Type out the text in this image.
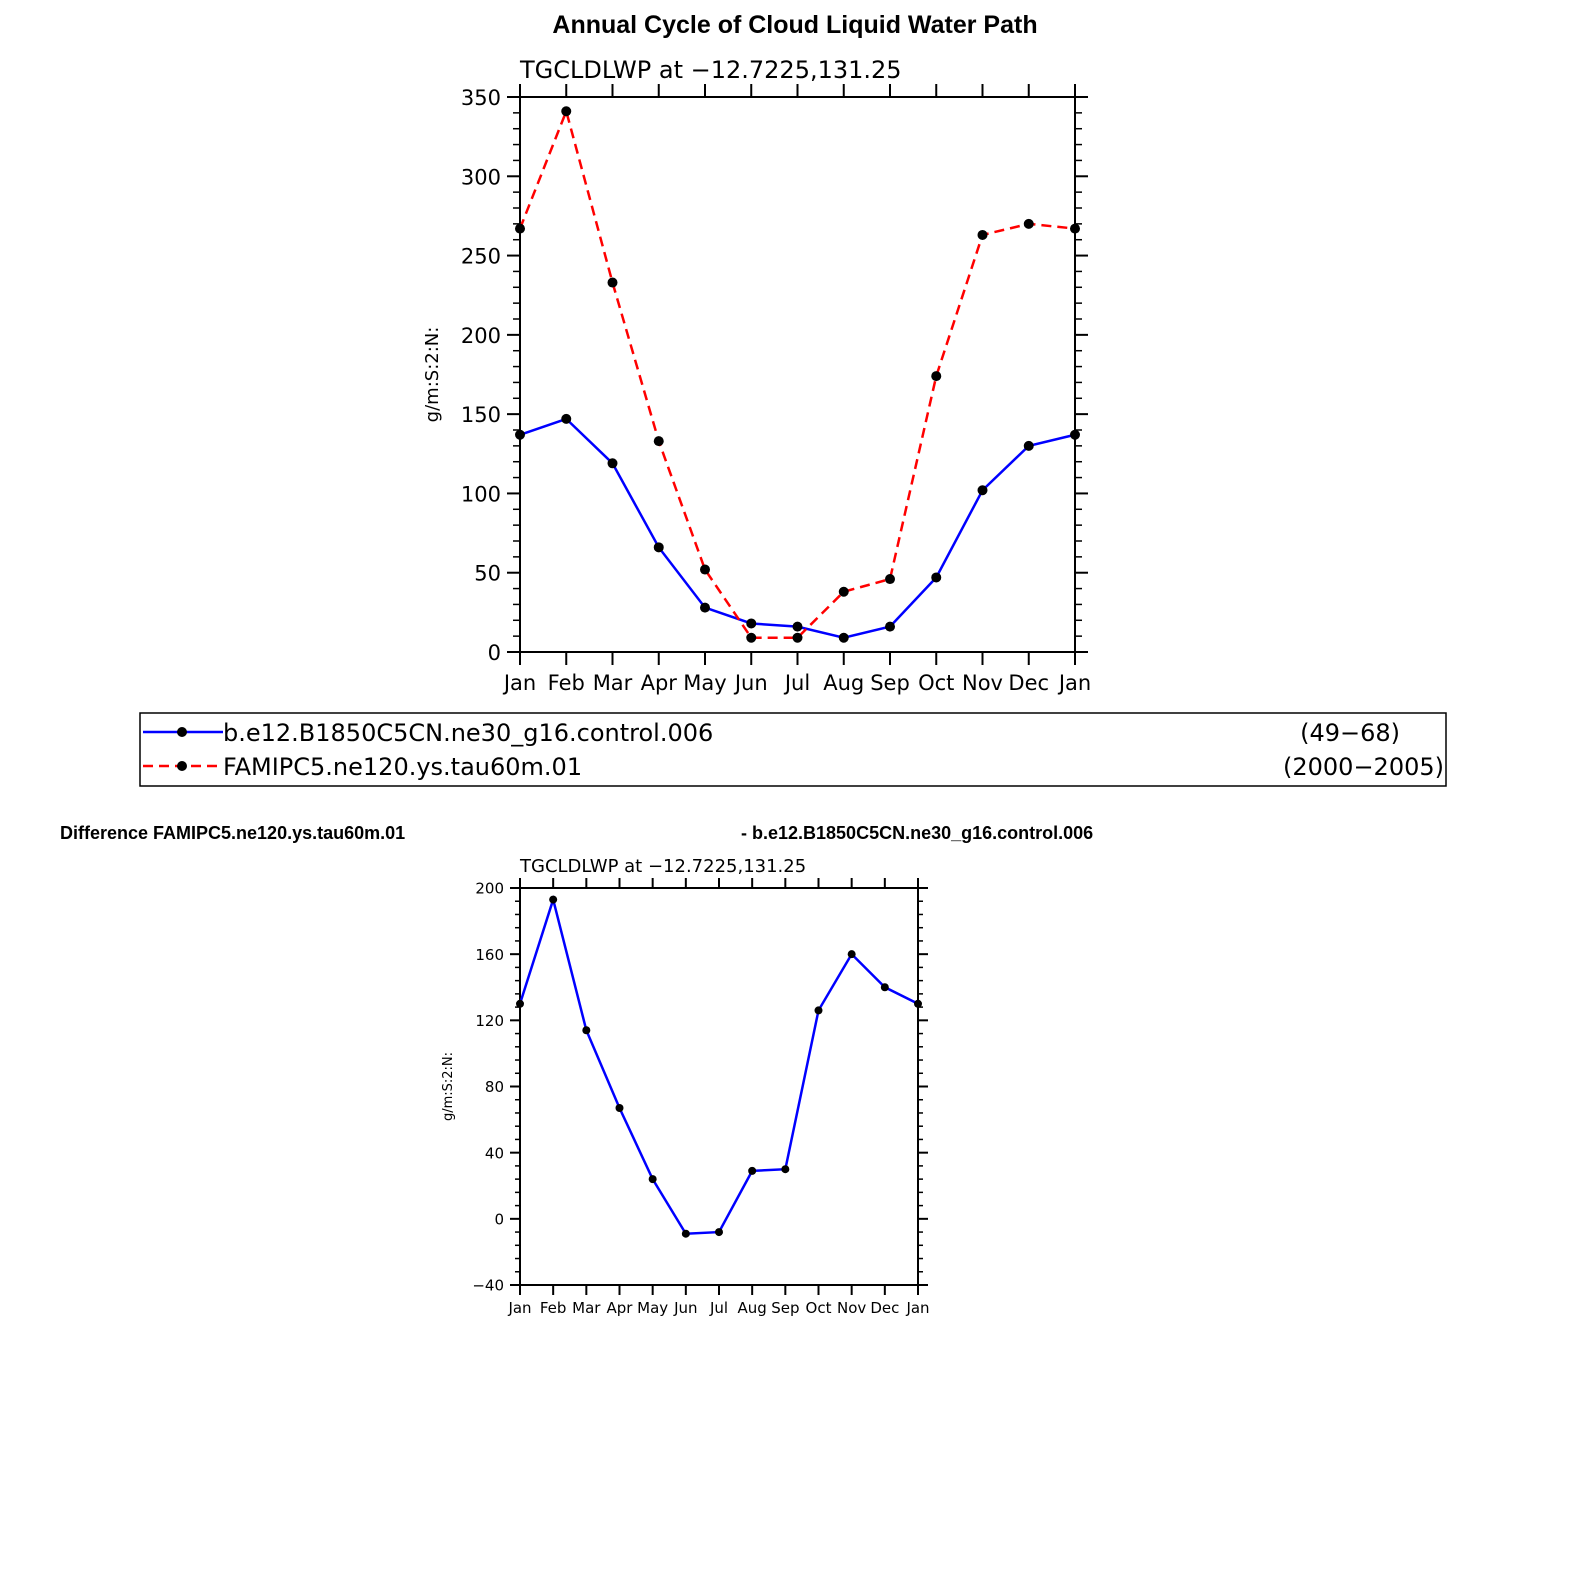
Annual Cycle of Cloud Liquid Water Path
Jan Feb Mar Apr May Jun Jul Aug Sep Oct Nov Dec Jan
0
50
100
150
200
250
300
350
TGCLDLWP at −12.7225,131.25
g/m:S:2:N:
b.e12.B1850C5CN.ne30_g16.control.006	(49−68)
FAMIPC5.ne120.ys.tau60m.01	(2000−2005)
Difference FAMIPC5.ne120.ys.tau60m.01	- b.e12.B1850C5CN.ne30_g16.control.006
Jan Feb Mar Apr May Jun Jul Aug Sep Oct Nov Dec Jan
−40
0
40
80
120
160
200
TGCLDLWP at −12.7225,131.25
g/m:S:2:N:
